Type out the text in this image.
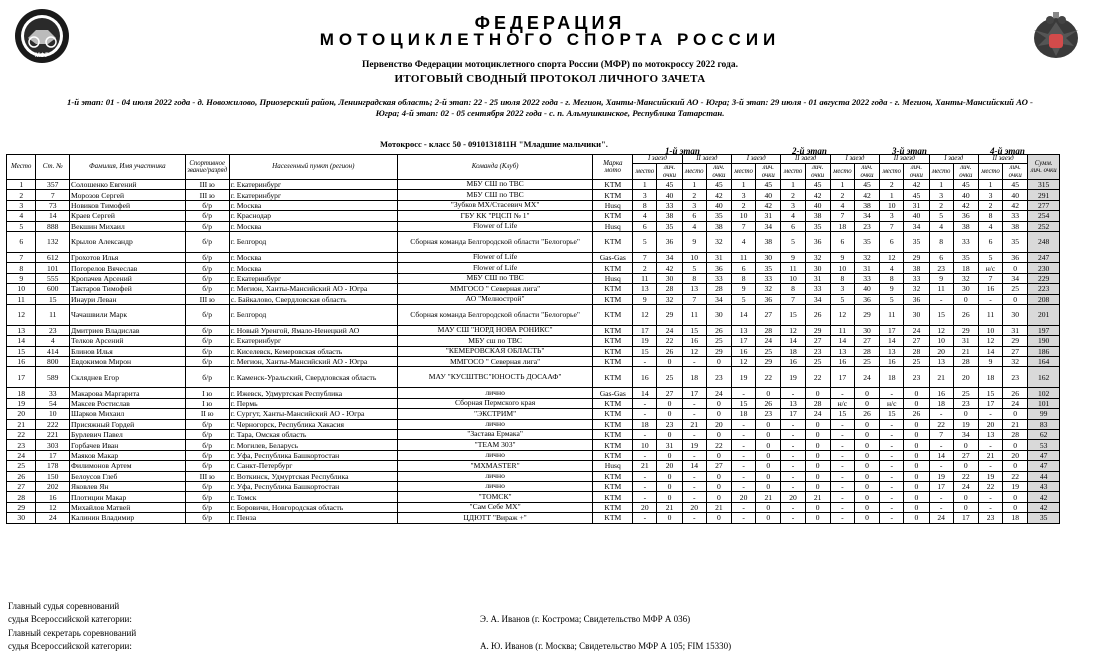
МФР
ФЕДЕРАЦИЯ
МОТОЦИКЛЕТНОГО СПОРТА РОССИИ
Первенство Федерации мотоциклетного спорта России (МФР) по мотокроссу 2022 года.
ИТОГОВЫЙ СВОДНЫЙ ПРОТОКОЛ ЛИЧНОГО ЗАЧЕТА
1-й этап: 01 - 04 июля 2022 года - д. Новожилово, Приозерский район, Ленинградская область; 2-й этап: 22 - 25 июля 2022 года - г. Мегион, Ханты-Мансийский АО - Югра; 3-й этап: 29 июля - 01 августа 2022 года - г. Мегион, Ханты-Мансийский АО -
Югра; 4-й этап: 02 - 05 сентября 2022 года - с. п. Альмушкинское, Республика Татарстан.
Мотокросс - класс 50 - 0910131811Н "Младшие мальчики".
1-й этап	2-й этап	3-й этап	4-й этап
Место	Ст. №	Фамилия, Имя участника	Спортивное звание/разряд	Населенный пункт (регион)	Команда (Клуб)	Марка мото	I заезд		II заезд		I заезд		II заезд		I заезд		II заезд		I заезд		II заезд		Сумм. лич. очки
							место	лич. очки	место	лич. очки	место	лич. очки	место	лич. очки	место	лич. очки	место	лич. очки	место	лич. очки	место	лич. очки	
1	357	Солошенко Евгений	III ю	г. Екатеринбург	МБУ СШ по ТВС	KTM	1	45	1	45	1	45	1	45	1	45	2	42	1	45	1	45	315
2	7	Морозов Сергей	III ю	г. Екатеринбург	МБУ СШ по ТВС	KTM	3	40	2	42	3	40	2	42	2	42	1	45	3	40	3	40	291
3	73	Новиков Тимофей	б/р	г. Москва	"Зубков МХ/Стасевич МХ"	Husq	8	33	3	40	2	42	3	40	4	38	10	31	2	42	2	42	277
4	14	Краев Сергей	б/р	г. Краснодар	ГБУ КК "РЦСП № 1"	KTM	4	38	6	35	10	31	4	38	7	34	3	40	5	36	8	33	254
5	888	Векшин Михаил	б/р	г. Москва	Flower of Life	Husq	6	35	4	38	7	34	6	35	18	23	7	34	4	38	4	38	252
6	132	Крылов Александр	б/р	г. Белгород	Сборная команда Белгородской области "Белогорье"	KTM	5	36	9	32	4	38	5	36	6	35	6	35	8	33	6	35	248
7	612	Грохотов Илья	б/р	г. Москва	Flower of Life	Gas-Gas	7	34	10	31	11	30	9	32	9	32	12	29	6	35	5	36	247
8	101	Погорелов Вячеслав	б/р	г. Москва	Flower of Life	KTM	2	42	5	36	6	35	11	30	10	31	4	38	23	18	н/с	0	230
9	555	Кропачев Арсений	б/р	г. Екатеринбург	МБУ СШ по ТВС	Husq	11	30	8	33	8	33	10	31	8	33	8	33	9	32	7	34	229
10	600	Тактаров Тимофей	б/р	г. Мегион, Ханты-Мансийский АО - Югра	ММГОСО " Северная лига"	KTM	13	28	13	28	9	32	8	33	3	40	9	32	11	30	16	25	223
11	15	Инаури Леван	III ю	с. Байкалово, Свердловская область	АО "Мелнострой"	KTM	9	32	7	34	5	36	7	34	5	36	5	36	-	0	-	0	208
12	11	Чачашвили Марк	б/р	г. Белгород	Сборная команда Белгородской области "Белогорье"	KTM	12	29	11	30	14	27	15	26	12	29	11	30	15	26	11	30	201
13	23	Дмитриев Владислав	б/р	г. Новый Уренгой, Ямало-Ненецкий АО	МАУ СШ "НОРД НОВА РОНИКС"	KTM	17	24	15	26	13	28	12	29	11	30	17	24	12	29	10	31	197
14	4	Телков Арсений	б/р	г. Екатеринбург	МБУ сш по ТВС	KTM	19	22	16	25	17	24	14	27	14	27	14	27	10	31	12	29	190
15	414	Блинов Илья	б/р	г. Киселевск, Кемеровская область	"КЕМЕРОВСКАЯ ОБЛАСТЬ"	KTM	15	26	12	29	16	25	18	23	13	28	13	28	20	21	14	27	186
16	800	Евдокимов Мирон	б/р	г. Мегион, Ханты-Мансийский АО - Югра	ММГОСО " Северная лига"	KTM	-	0	-	0	12	29	16	25	16	25	16	25	13	28	9	32	164
17	589	Скляднев Егор	б/р	г. Каменск-Уральский, Свердловская область	МАУ "КУСШТВС"ЮНОСТЬ ДОСААФ"	KTM	16	25	18	23	19	22	19	22	17	24	18	23	21	20	18	23	162
18	33	Макарова Маргарита	I ю	г. Ижевск, Удмуртская Республика	лично	Gas-Gas	14	27	17	24	-	0	-	0	-	0	-	0	16	25	15	26	102
19	54	Максев Ростислав	I ю	г. Пермь	Сборная Пермского края	KTM	-	0	-	0	15	26	13	28	н/с	0	н/с	0	18	23	17	24	101
20	10	Шарков Михаил	II ю	г. Сургут, Ханты-Мансийский АО - Югра	"ЭКСТРИМ"	KTM	-	0	-	0	18	23	17	24	15	26	15	26	-	0	-	0	99
21	222	Присяжный Гордей	б/р	г. Черногорск, Республика Хакасия	лично	KTM	18	23	21	20	-	0	-	0	-	0	-	0	22	19	20	21	83
22	221	Бурлевич Павел	б/р	г. Тара, Омская область	"Застава Ермака"	KTM	-	0	-	0	-	0	-	0	-	0	-	0	7	34	13	28	62
23	303	Горбачев Иван	б/р	г. Могилев, Беларусь	"TEAM 303"	KTM	10	31	19	22	-	0	-	0	-	0	-	0	-	0	-	0	53
24	17	Маяков Макар	б/р	г. Уфа, Республика Башкортостан	лично	KTM	-	0	-	0	-	0	-	0	-	0	-	0	14	27	21	20	47
25	178	Филимонов Артем	б/р	г. Санкт-Петербург	"MXMASTER"	Husq	21	20	14	27	-	0	-	0	-	0	-	0	-	0	-	0	47
26	150	Белоусов Глеб	III ю	г. Воткинск, Удмуртская Республика	лично	KTM	-	0	-	0	-	0	-	0	-	0	-	0	19	22	19	22	44
27	202	Яковлев Ян	б/р	г. Уфа, Республика Башкортостан	лично	KTM	-	0	-	0	-	0	-	0	-	0	-	0	17	24	22	19	43
28	16	Плотицин Макар	б/р	г. Томск	"ТОМСК"	KTM	-	0	-	0	20	21	20	21	-	0	-	0	-	0	-	0	42
29	12	Михайлов Матвей	б/р	г. Боровичи, Новгородская область	"Сам Себе МХ"	KTM	20	21	20	21	-	0	-	0	-	0	-	0	-	0	-	0	42
30	24	Калинин Владимир	б/р	г. Пенза	ЦДЮТТ "Вираж +"	KTM	-	0	-	0	-	0	-	0	-	0	-	0	24	17	23	18	35
Главный судья соревнований
судья Всероссийской категории:	Э. А. Иванов (г. Кострома; Свидетельство МФР А 036)
Главный секретарь соревнований
судья Всероссийской категории:	А. Ю. Иванов (г. Москва; Свидетельство МФР А 105; FIM 15330)
